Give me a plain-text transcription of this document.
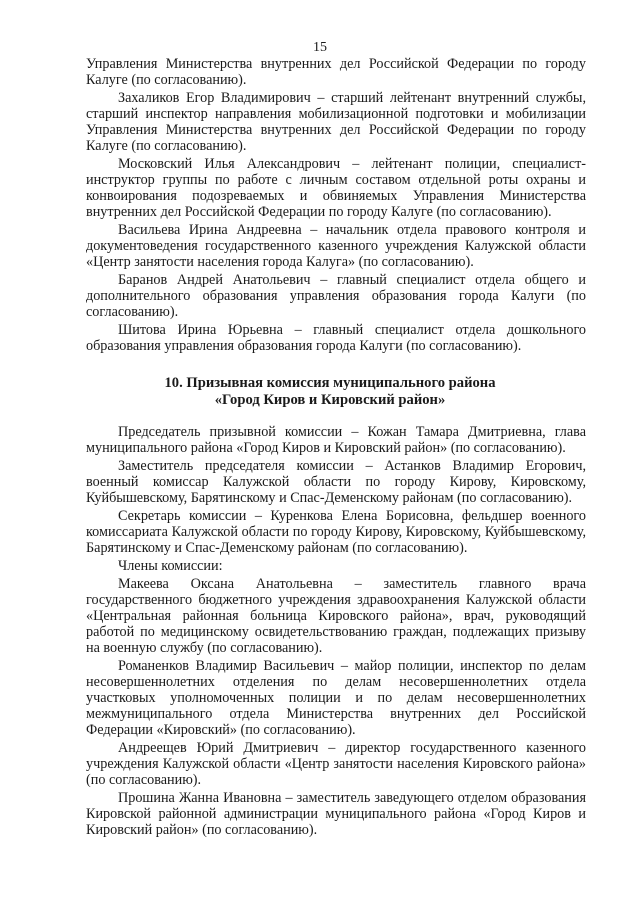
15

Управления Министерства внутренних дел Российской Федерации по городу Калуге (по согласованию).

Захаликов Егор Владимирович – старший лейтенант внутренний службы, старший инспектор направления мобилизационной подготовки и мобилизации Управления Министерства внутренних дел Российской Федерации по городу Калуге (по согласованию).

Московский Илья Александрович – лейтенант полиции, специалист-инструктор группы по работе с личным составом отдельной роты охраны и конвоирования подозреваемых и обвиняемых Управления Министерства внутренних дел Российской Федерации по городу Калуге (по согласованию).

Васильева Ирина Андреевна – начальник отдела правового контроля и документоведения государственного казенного учреждения Калужской области «Центр занятости населения города Калуга» (по согласованию).

Баранов Андрей Анатольевич – главный специалист отдела общего и дополнительного образования управления образования города Калуги (по согласованию).

Шитова Ирина Юрьевна – главный специалист отдела дошкольного образования управления образования города Калуги (по согласованию).

10. Призывная комиссия муниципального района
«Город Киров и Кировский район»

Председатель призывной комиссии – Кожан Тамара Дмитриевна, глава муниципального района «Город Киров и Кировский район» (по согласованию).

Заместитель председателя комиссии – Астанков Владимир Егорович, военный комиссар Калужской области по городу Кирову, Кировскому, Куйбышевскому, Барятинскому и Спас-Деменскому районам (по согласованию).

Секретарь комиссии – Куренкова Елена Борисовна, фельдшер военного комиссариата Калужской области по городу Кирову, Кировскому, Куйбышевскому, Барятинскому и Спас-Деменскому районам (по согласованию).

Члены комиссии:

Макеева Оксана Анатольевна – заместитель главного врача государственного бюджетного учреждения здравоохранения Калужской области «Центральная районная больница Кировского района», врач, руководящий работой по медицинскому освидетельствованию граждан, подлежащих призыву на военную службу (по согласованию).

Романенков Владимир Васильевич – майор полиции, инспектор по делам несовершеннолетних отделения по делам несовершеннолетних отдела участковых уполномоченных полиции и по делам несовершеннолетних межмуниципального отдела Министерства внутренних дел Российской Федерации «Кировский» (по согласованию).

Андреещев Юрий Дмитриевич – директор государственного казенного учреждения Калужской области «Центр занятости населения Кировского района» (по согласованию).

Прошина Жанна Ивановна – заместитель заведующего отделом образования Кировской районной администрации муниципального района «Город Киров и Кировский район» (по согласованию).
